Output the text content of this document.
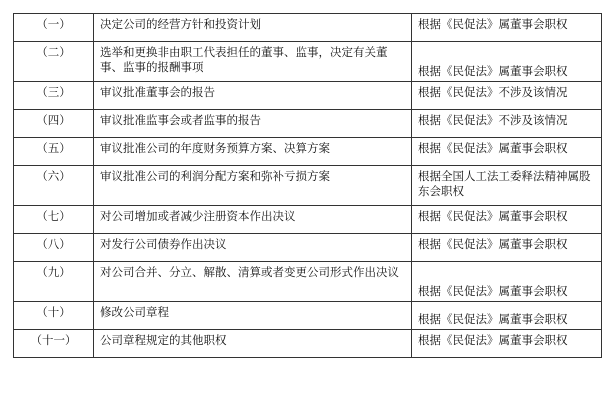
（一）	决定公司的经营方针和投资计划	根据《民促法》属董事会职权
（二）	选举和更换非由职工代表担任的董事、监事，决定有关董事、监事的报酬事项	根据《民促法》属董事会职权
（三）	审议批准董事会的报告	根据《民促法》不涉及该情况
（四）	审议批准监事会或者监事的报告	根据《民促法》不涉及该情况
（五）	审议批准公司的年度财务预算方案、决算方案	根据《民促法》属董事会职权
（六）	审议批准公司的利润分配方案和弥补亏损方案	根据全国人工法工委释法精神属股东会职权
（七）	对公司增加或者减少注册资本作出决议	根据《民促法》属董事会职权
（八）	对发行公司债券作出决议	根据《民促法》属董事会职权
（九）	对公司合并、分立、解散、清算或者变更公司形式作出决议	根据《民促法》属董事会职权
（十）	修改公司章程	根据《民促法》属董事会职权
（十一）	公司章程规定的其他职权	根据《民促法》属董事会职权
